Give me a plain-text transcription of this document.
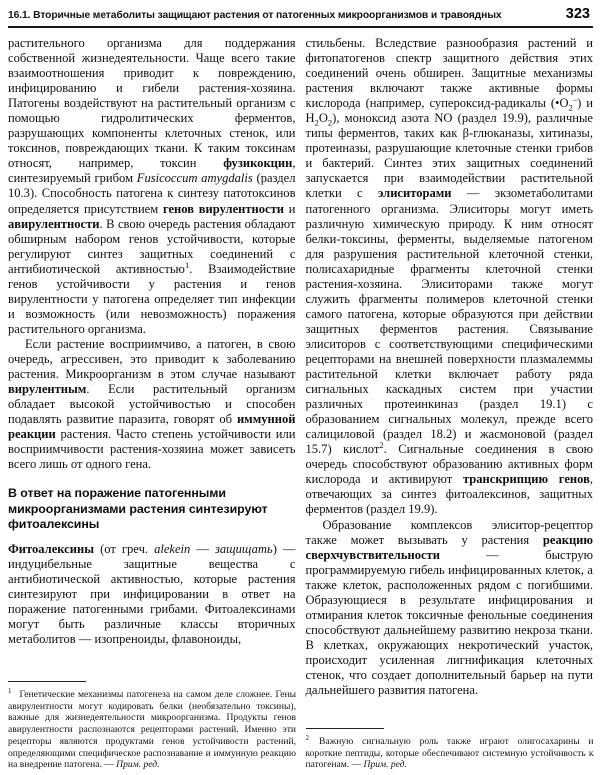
16.1. Вторичные метаболиты защищают растения от патогенных микроорганизмов и травоядных	323

растительного организма для поддержания собственной жизнедеятельности. Чаще всего такие взаимоотношения приводит к повреждению, инфицированию и гибели растения-хозяина. Патогены воздействуют на растительный организм с помощью гидролитических ферментов, разрушающих компоненты клеточных стенок, или токсинов, повреждающих ткани. К таким токсинам относят, например, токсин фузикокцин, синтезируемый грибом Fusicoccum amygdalis (раздел 10.3). Способность патогена к синтезу патотоксинов определяется присутствием генов вирулентности и авирулентности. В свою очередь растения обладают обширным набором генов устойчивости, которые регулируют синтез защитных соединений с антибиотической активностью$^1$. Взаимодействие генов устойчивости у растения и генов вирулентности у патогена определяет тип инфекции и возможность (или невозможность) поражения растительного организма.

Если растение восприимчиво, а патоген, в свою очередь, агрессивен, это приводит к заболеванию растения. Микроорганизм в этом случае называют вирулентным. Если растительный организм обладает высокой устойчивостью и способен подавлять развитие паразита, говорят об иммунной реакции растения. Часто степень устойчивости или восприимчивости растения-хозяина может зависеть всего лишь от одного гена.

В ответ на поражение патогенными микроорганизмами растения синтезируют фитоалексины

Фитоалексины (от греч. alekein — защищать) — индуцибельные защитные вещества с антибиотической активностью, которые растения синтезируют при инфицировании в ответ на поражение патогенными грибами. Фитоалексинами могут быть различные классы вторичных метаболитов — изопреноиды, флавоноиды,

$^1$ Генетические механизмы патогенеза на самом деле сложнее. Гены авирулентности могут кодировать белки (необязательно токсины), важные для жизнедеятельности микроорганизма. Продукты генов авирулентности распознаются рецепторами растений. Именно эти рецепторы являются продуктами генов устойчивости растений, определяющими специфическое распознавание и иммунную реакцию на внедрение патогена. — Прим. ред.

стильбены. Вследствие разнообразия растений и фитопатогенов спектр защитного действия этих соединений очень обширен. Защитные механизмы растения включают также активные формы кислорода (например, супероксид-радикалы $(•O_2^-)$ и $H_2O_2$), моноксид азота NO (раздел 19.9), различные типы ферментов, таких как β-глюканазы, хитиназы, протеиназы, разрушающие клеточные стенки грибов и бактерий. Синтез этих защитных соединений запускается при взаимодействии растительной клетки с элиситорами — экзометаболитами патогенного организма. Элиситоры могут иметь различную химическую природу. К ним относят белки-токсины, ферменты, выделяемые патогеном для разрушения растительной клеточной стенки, полисахаридные фрагменты клеточной стенки растения-хозяина. Элиситорами также могут служить фрагменты полимеров клеточной стенки самого патогена, которые образуются при действии защитных ферментов растения. Связывание элиситоров с соответствующими специфическими рецепторами на внешней поверхности плазмалеммы растительной клетки включает работу ряда сигнальных каскадных систем при участии различных протеинкиназ (раздел 19.1) с образованием сигнальных молекул, прежде всего салициловой (раздел 18.2) и жасмоновой (раздел 15.7) кислот$^2$. Сигнальные соединения в свою очередь способствуют образованию активных форм кислорода и активируют транскрипцию генов, отвечающих за синтез фитоалексинов, защитных ферментов (раздел 19.9).

Образование комплексов элиситор-рецептор также может вызывать у растения реакцию сверхчувствительности — быструю программируемую гибель инфицированных клеток, а также клеток, расположенных рядом с погибшими. Образующиеся в результате инфицирования и отмирания клеток токсичные фенольные соединения способствуют дальнейшему развитию некроза ткани. В клетках, окружающих некротический участок, происходит усиленная лигнификация клеточных стенок, что создает дополнительный барьер на пути дальнейшего развития патогена.

$^2$ Важную сигнальную роль также играют олигосахарины и короткие пептиды, которые обеспечивают системную устойчивость к патогенам. — Прим. ред.
